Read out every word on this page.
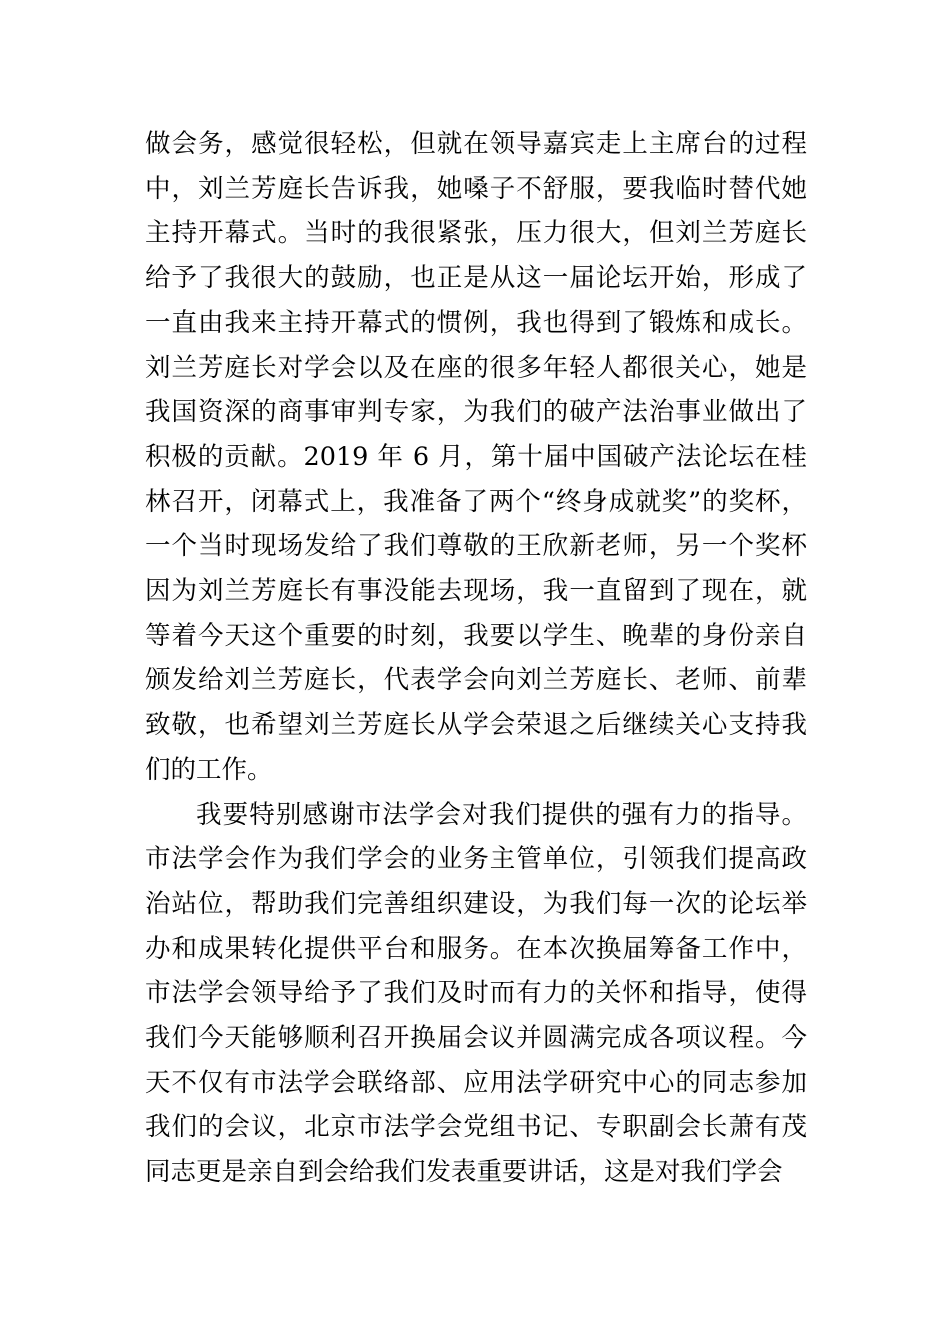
做会务，感觉很轻松，但就在领导嘉宾走上主席台的过程中，刘兰芳庭长告诉我，她嗓子不舒服，要我临时替代她主持开幕式。当时的我很紧张，压力很大，但刘兰芳庭长给予了我很大的鼓励，也正是从这一届论坛开始，形成了一直由我来主持开幕式的惯例，我也得到了锻炼和成长。刘兰芳庭长对学会以及在座的很多年轻人都很关心，她是我国资深的商事审判专家，为我们的破产法治事业做出了积极的贡献。2019 年 6 月，第十届中国破产法论坛在桂林召开，闭幕式上，我准备了两个“终身成就奖”的奖杯，一个当时现场发给了我们尊敬的王欣新老师，另一个奖杯因为刘兰芳庭长有事没能去现场，我一直留到了现在，就等着今天这个重要的时刻，我要以学生、晚辈的身份亲自颁发给刘兰芳庭长，代表学会向刘兰芳庭长、老师、前辈致敬，也希望刘兰芳庭长从学会荣退之后继续关心支持我们的工作。

我要特别感谢市法学会对我们提供的强有力的指导。市法学会作为我们学会的业务主管单位，引领我们提高政治站位，帮助我们完善组织建设，为我们每一次的论坛举办和成果转化提供平台和服务。在本次换届筹备工作中，市法学会领导给予了我们及时而有力的关怀和指导，使得我们今天能够顺利召开换届会议并圆满完成各项议程。今天不仅有市法学会联络部、应用法学研究中心的同志参加我们的会议，北京市法学会党组书记、专职副会长萧有茂同志更是亲自到会给我们发表重要讲话，这是对我们学会
